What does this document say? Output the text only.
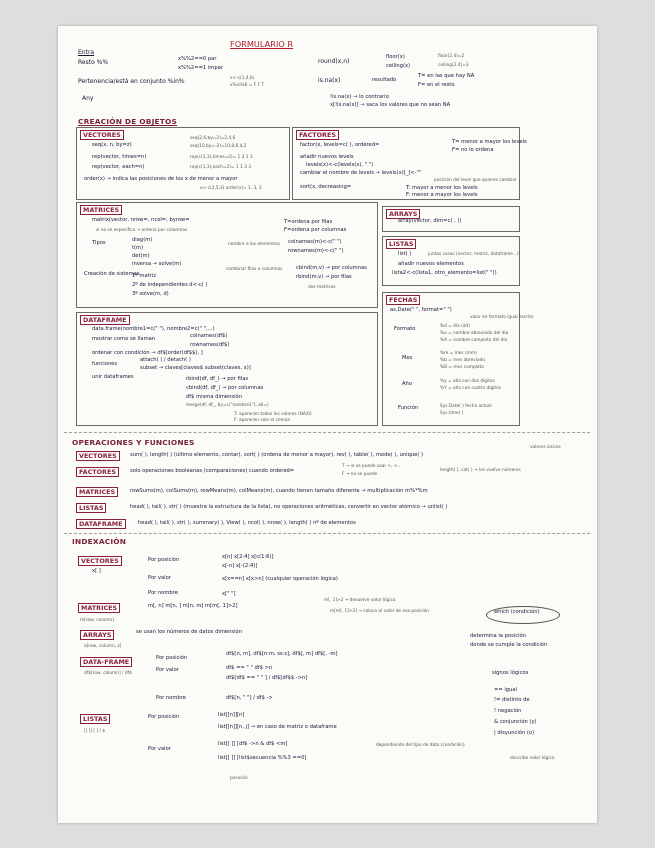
FORMULARIO R
Entra
Resto %%	x%%2==0 par
x%%2==1 impar
Pertenencia/está en conjunto %in%	x<-c(1,4,6)
x%in%6 = F F T
Any
round(x,n)
floor(x)
ceiling(x)
floor(2.4)=2
ceiling(2.4)=3
is.na(x)	resultado
T= en las que hay NA
F= en el resto
!is.na(x) → lo contrario
x[!is.na(x)] → saca los valores que no sean NA
CREACIÓN DE OBJETOS
VECTORES
seq(x, n, by=z)
seq(2,6,by=2)=2,4,6
seq(10,by=-2)=10,8,6,4,2
rep(vector, times=n)	rep(c(1,3),times=2)= 1 3 1 3
rep(vector, each=n)	rep(c(1,3),each=2)= 1 1 3 3
order(x) → indica las posiciones de los x de menor a mayor
x<-c(2,5,3) order(x)= 1, 3, 2
FACTORES
factor(x, levels=c( ), ordered=	T= menor a mayor los levels
F= no lo ordena
añadir nuevos levels
levels(x)<-c(levels(x), " ")
cambiar el nombre de levels → levels(x)[_]<-""
posición del level que quieres cambiar
sort(x, decreasing=	T: mayor a menor los levels
F: menor a mayor los levels
MATRICES
matrix(vector, nrow=, ncol=, byrow=	T=ordena por filas
F=ordena por columnas
si no se especifica → ordena por columnas
Tipos	diag(m)
t(m)
det(m)
inversa → solve(m)
nombre a los elementos colnames(m)<-c(" ")
rownames(m)<-c(" ")
combinar filas o columnas	cbind(m,v) → por columnas
rbind(m,v) → por filas
dos matrices
Creación de sistemas
1º matriz
2º de independientes d<-c( )
3º solve(m, d)
ARRAYS
array(vector, dim=c( , ))
LISTAS
list( )	juntas cosas (vector, matriz, dataframe...)
añadir nuevos elementos
lista2<-c(lista1, otro_elemento=list(" "))
DATAFRAME
data.frame(nombre1=c(" "), nombre2=c(" ",...)
mostrar como se llaman	colnames(df$)
rownames(df$)
ordenar con condición → df$[order(df$$), ]
funciones
attach( ) / detach( )
subset → claves[claves$ subset(claves, x)]
unir dataframes	rbind(df, df_) → por filas
cbind(df, df_) → por columnas
df$ misma dimensión
merge(df, df_, by=c("nombre1"), all=)
T: aparecen todos los valores (NA/0)
F: aparecen solo el común
FECHAS
as.Date(" ", format=" ")
valor en formato igual escrito
Formato	%d = día (dd)
%a = nombre abreviado del día
%A = nombre completo del día
Mes
%m = mes (mm)
%b = mes abreviado
%B = mes completo
Año	%y = año con dos dígitos
%Y = año con cuatro dígitos
Función	Sys.Date( ) fecha actual
Sys.time( )
OPERACIONES Y FUNCIONES
VECTORES	sum( ), length( ) (último elemento, contar), sort( ) (ordena de menor a mayor), rev( ), table( ), mode( ), unique( )
valores únicos
FACTORES	solo operaciones booleanas (comparaciones) cuando ordered=
T → sí se puede usar >, <...
F → no se puede
length( ), cat( ) → los vuelve números
MATRICES	rowSums(m), colSums(m), rowMeans(m), colMeans(m), cuando tienen tamaño diferente → multiplicación m%*%m
LISTAS	head( ), tail( ), str( ) (muestra la estructura de la lista), no operaciones aritméticas, convertir en vector atómico → unlist( )
DATAFRAME	head( ), tail( ), str( ), summary( ), View( ), ncol( ), nrow( ), length( ) nº de elementos
INDEXACIÓN
VECTORES
x[ ]
Por posición	x[n] x[2:4] x[c(1:6)]
x[-n] x[-(2:4)]
Por valor	x[x==n] x[x>n] (cualquier operación lógica)
Por nombre	x[" "]
MATRICES	m[, n] m[n, ] m[n, m] m[m[, 1]>2]
m[, 1]>2 → devuelve valor lógico
m[m[, 1]>2] → coloca el valor de esa posición
m[row, column]
ARRAYS	se usan los números de datos dimensión
a[row, column, z]
DATA-FRAME
df$[row, column] / df$
Por posición
df$[n, m], df$[n:m, ss:s], df$[, m] df$[, -m]
Por valor	df$ == " " df$ >n
df$[df$ == " " ] / df$[df$$ ->n]
Por nombre	df$[n, " "] / df$ ->
LISTAS
[[ ]] [ ] / $
Por posición	list[[n]][n]
list[[n]][n, j] → en caso de matriz o dataframe
Por valor
list[[ ]] [df$ ->n & df$ <m]
list[[ ]] [list$secuencia %%3 ==0]
dependiendo del tipo de dato (condición)
posición
describe valor lógico
which (condición)
determina la posición
donde se cumple la condición
signos lógicos
== igual
!= distinto de
! negación
& conjunción (y)
| disyunción (o)
